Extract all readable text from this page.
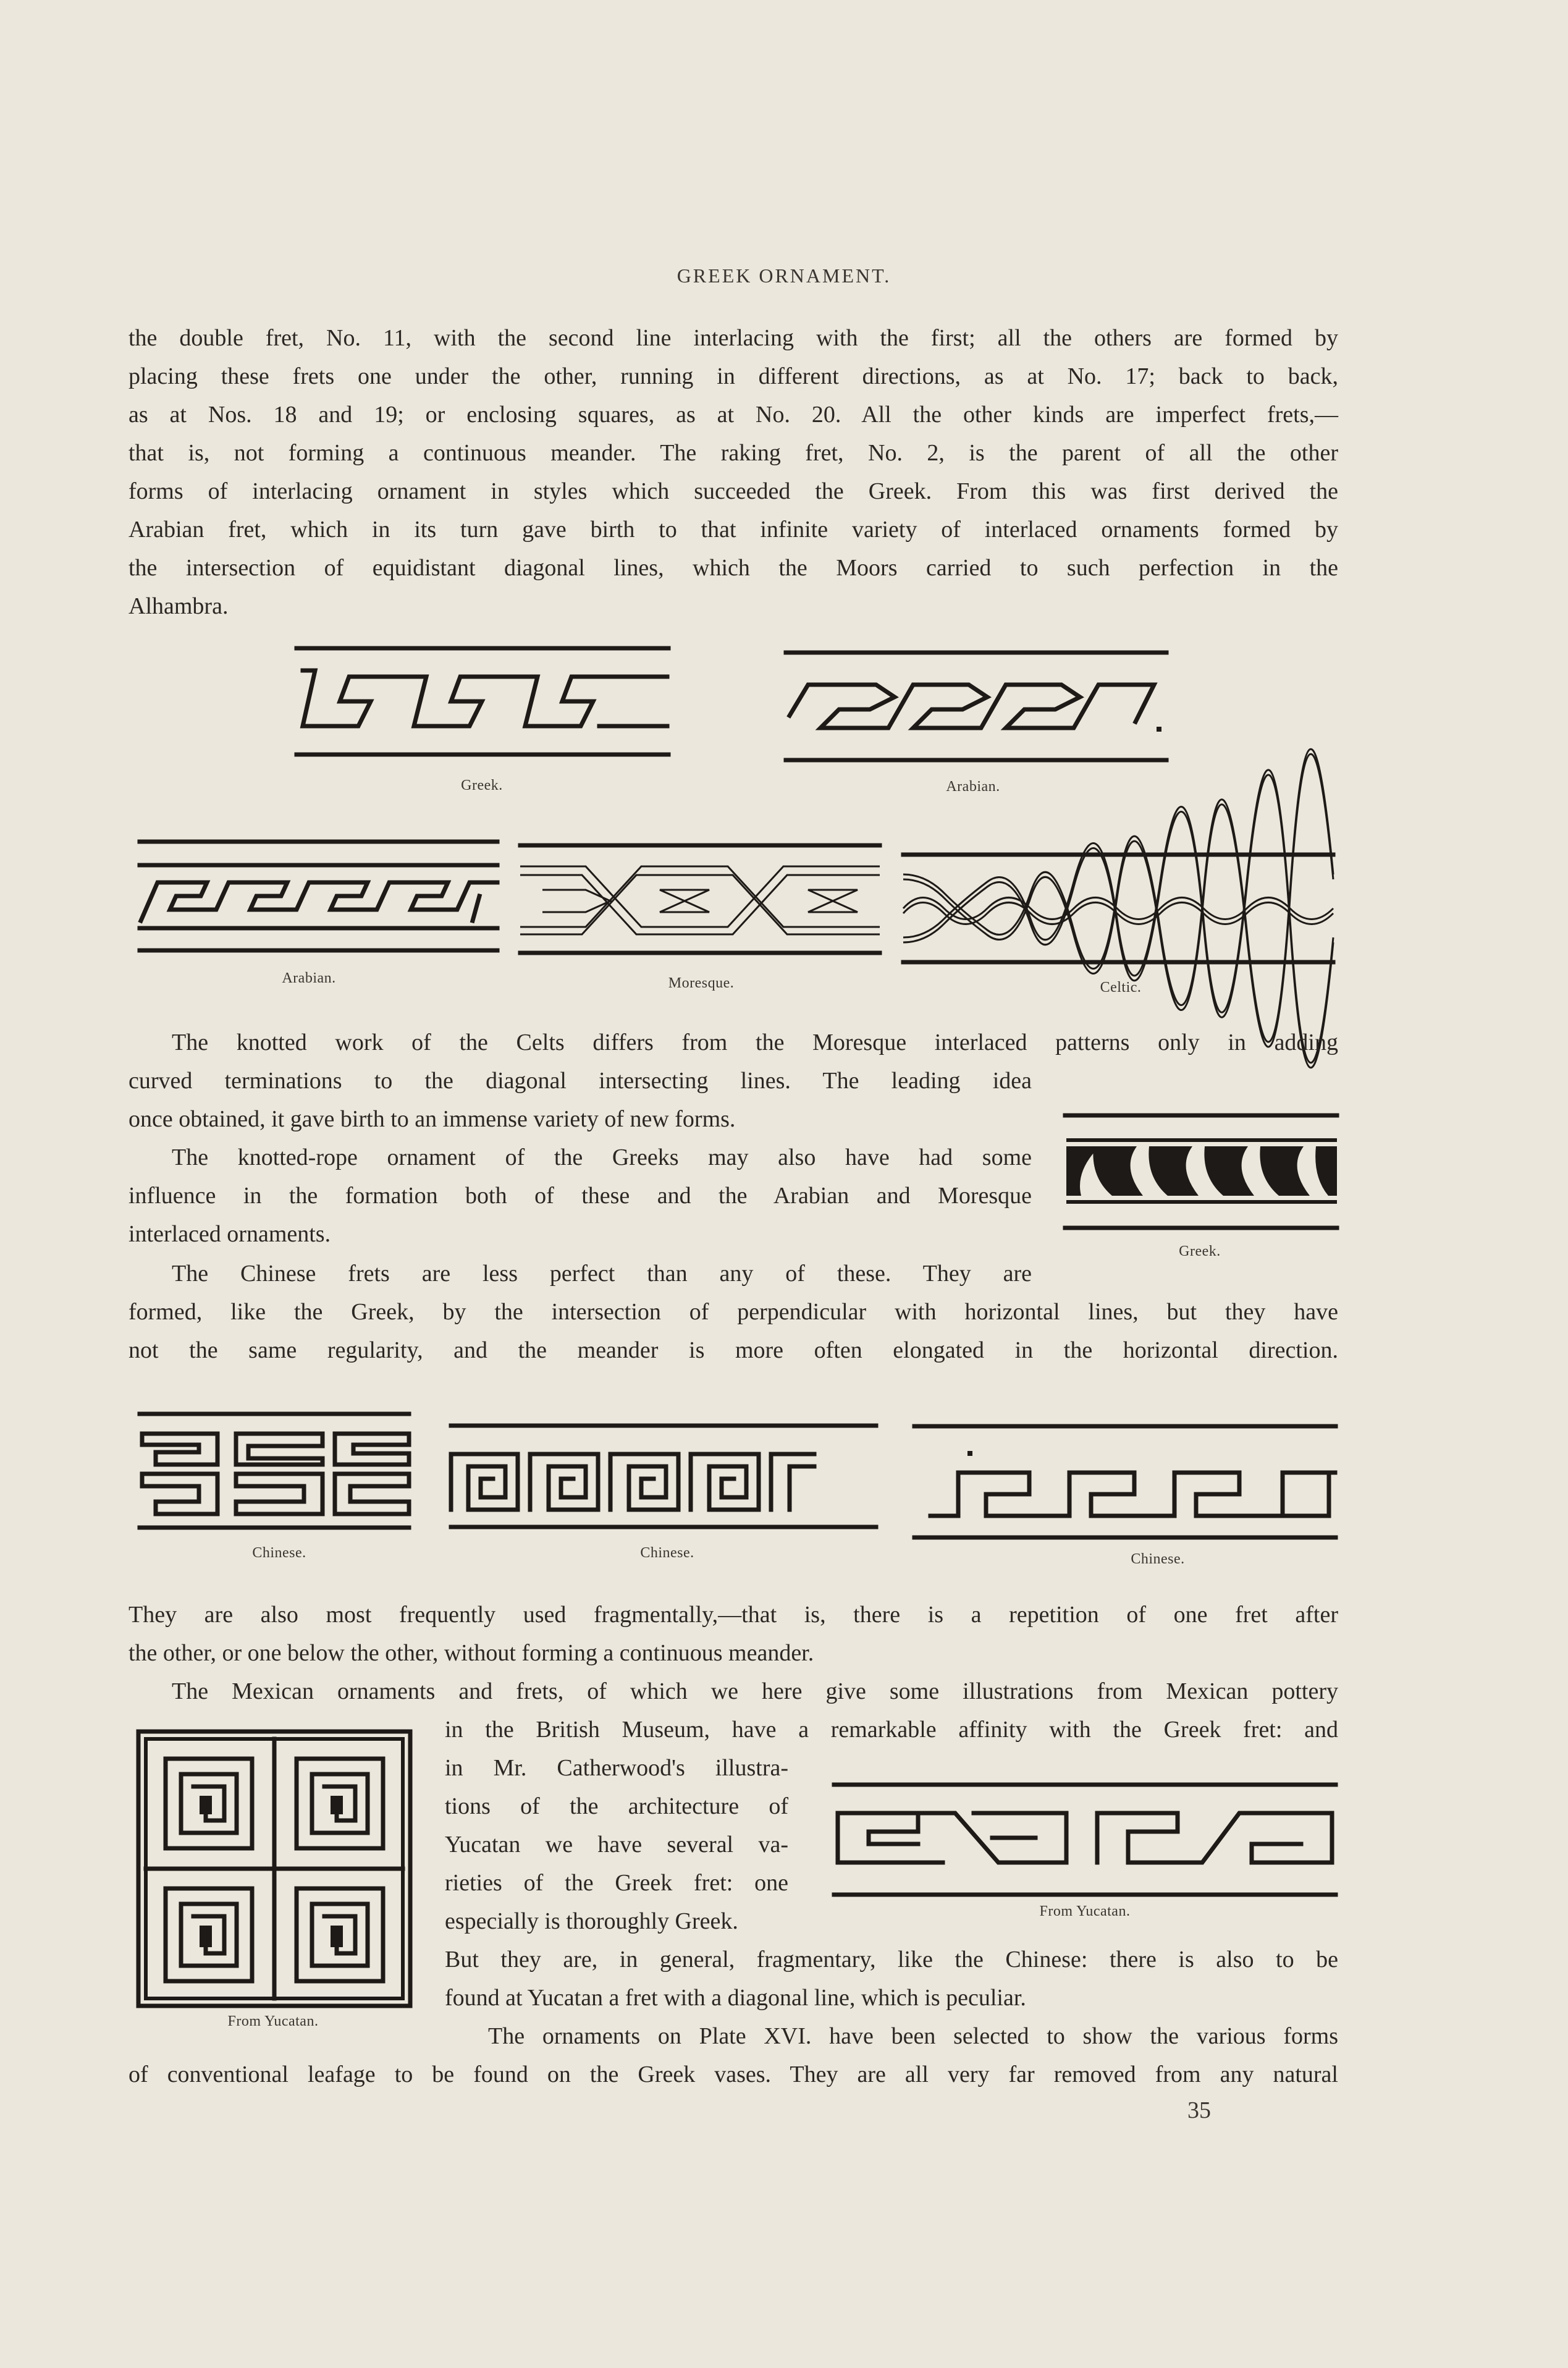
GREEK ORNAMENT.
the double fret, No. 11, with the second line interlacing with the first; all the others are formed by
placing these frets one under the other, running in different directions, as at No. 17; back to back,
as at Nos. 18 and 19; or enclosing squares, as at No. 20. All the other kinds are imperfect frets,—
that is, not forming a continuous meander. The raking fret, No. 2, is the parent of all the other
forms of interlacing ornament in styles which succeeded the Greek. From this was first derived the
Arabian fret, which in its turn gave birth to that infinite variety of interlaced ornaments formed by
the intersection of equidistant diagonal lines, which the Moors carried to such perfection in the
Alhambra.
Greek.	Arabian.
Arabian.	Moresque.	Celtic.
The knotted work of the Celts differs from the Moresque interlaced patterns only in adding
curved terminations to the diagonal intersecting lines. The leading idea
once obtained, it gave birth to an immense variety of new forms.
The knotted-rope ornament of the Greeks may also have had some
influence in the formation both of these and the Arabian and Moresque
interlaced ornaments.
Greek.
The Chinese frets are less perfect than any of these. They are
formed, like the Greek, by the intersection of perpendicular with horizontal lines, but they have
not the same regularity, and the meander is more often elongated in the horizontal direction.
Chinese.	Chinese.	Chinese.
They are also most frequently used fragmentally,—that is, there is a repetition of one fret after
the other, or one below the other, without forming a continuous meander.
The Mexican ornaments and frets, of which we here give some illustrations from Mexican pottery
in the British Museum, have a remarkable affinity with the Greek fret: and
in Mr. Catherwood's illustra-
tions of the architecture of
Yucatan we have several va-
rieties of the Greek fret: one
especially is thoroughly Greek.
But they are, in general, fragmentary, like the Chinese: there is also to be
found at Yucatan a fret with a diagonal line, which is peculiar.
From Yucatan.
From Yucatan.
The ornaments on Plate XVI. have been selected to show the various forms
of conventional leafage to be found on the Greek vases. They are all very far removed from any natural
35
